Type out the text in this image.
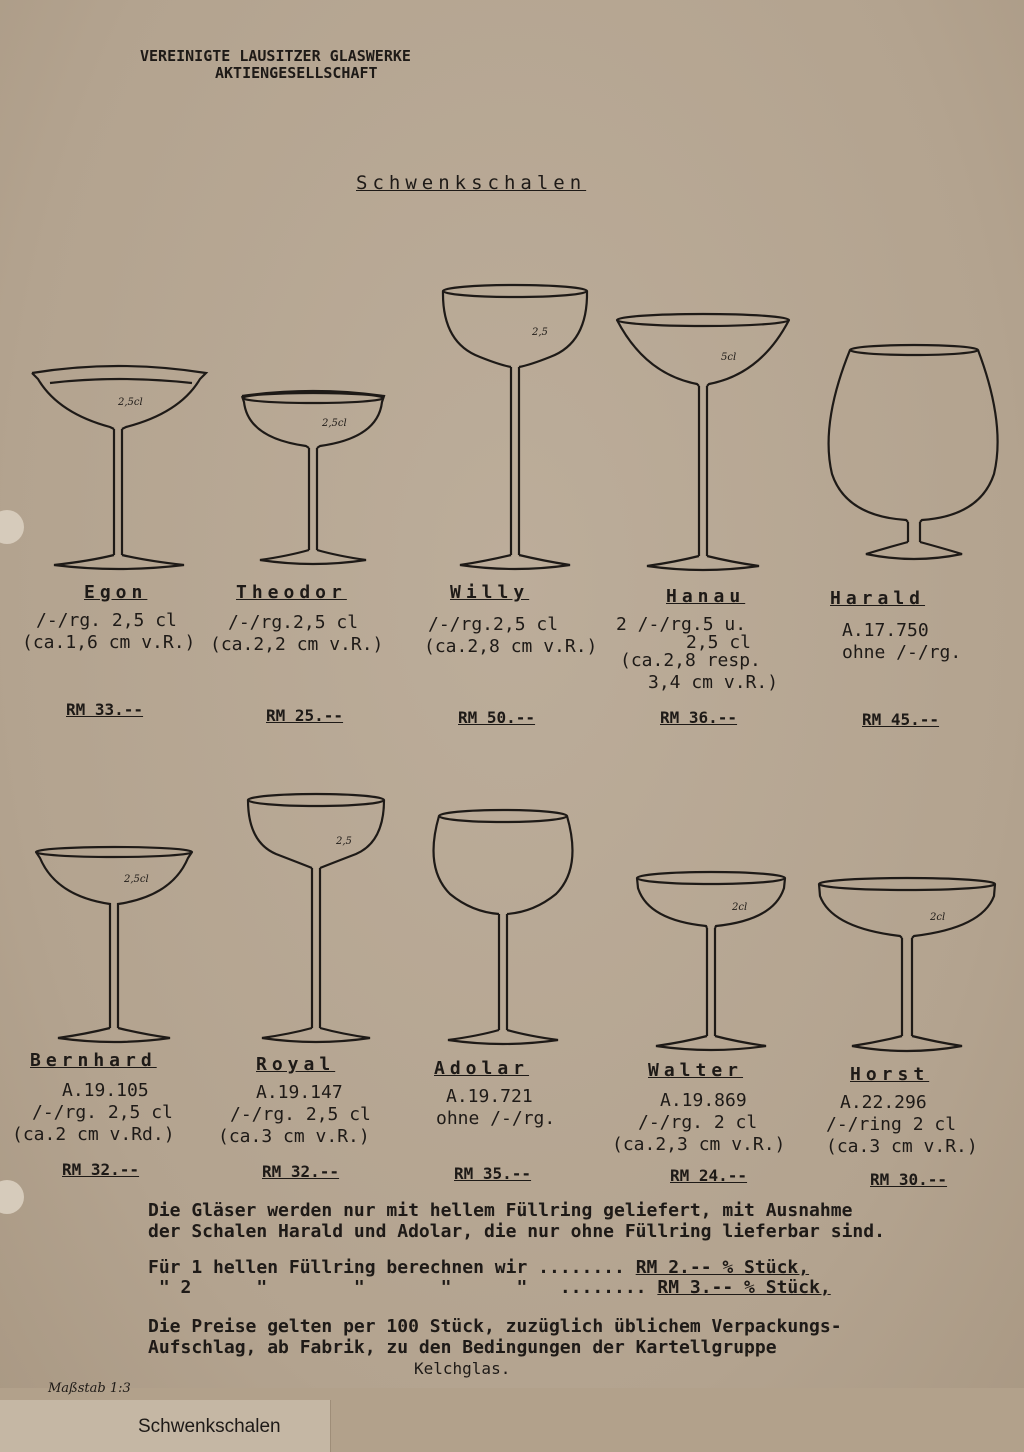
VEREINIGTE LAUSITZER GLASWERKE
AKTIENGESELLSCHAFT
Schwenkschalen
2,5cl
2,5cl
2,5
5cl
Egon
/-/rg. 2,5 cl
(ca.1,6 cm v.R.)
RM 33.--
Theodor
/-/rg.2,5 cl
(ca.2,2 cm v.R.)
RM 25.--
Willy
/-/rg.2,5 cl
(ca.2,8 cm v.R.)
RM 50.--
Hanau
2 /-/rg.5 u.
2,5 cl
(ca.2,8 resp.
3,4 cm v.R.)
RM 36.--
Harald
A.17.750
ohne /-/rg.
RM 45.--
2,5cl
2,5
2cl
2cl
Bernhard
A.19.105
/-/rg. 2,5 cl
(ca.2 cm v.Rd.)
RM 32.--
Royal
A.19.147
/-/rg. 2,5 cl
(ca.3 cm v.R.)
RM 32.--
Adolar
A.19.721
ohne /-/rg.
RM 35.--
Walter
A.19.869
/-/rg. 2 cl
(ca.2,3 cm v.R.)
RM 24.--
Horst
A.22.296
/-/ring 2 cl
(ca.3 cm v.R.)
RM 30.--
Die Gläser werden nur mit hellem Füllring geliefert, mit Ausnahme
der Schalen Harald und Adolar, die nur ohne Füllring lieferbar sind.
Für 1 hellen Füllring berechnen wir ........ RM 2.-- % Stück,
" 2      "        "       "      " ........ RM 3.-- % Stück,
Die Preise gelten per 100 Stück, zuzüglich üblichem Verpackungs-
Aufschlag, ab Fabrik, zu den Bedingungen der Kartellgruppe
Kelchglas.
Maßstab 1:3
Schwenkschalen
